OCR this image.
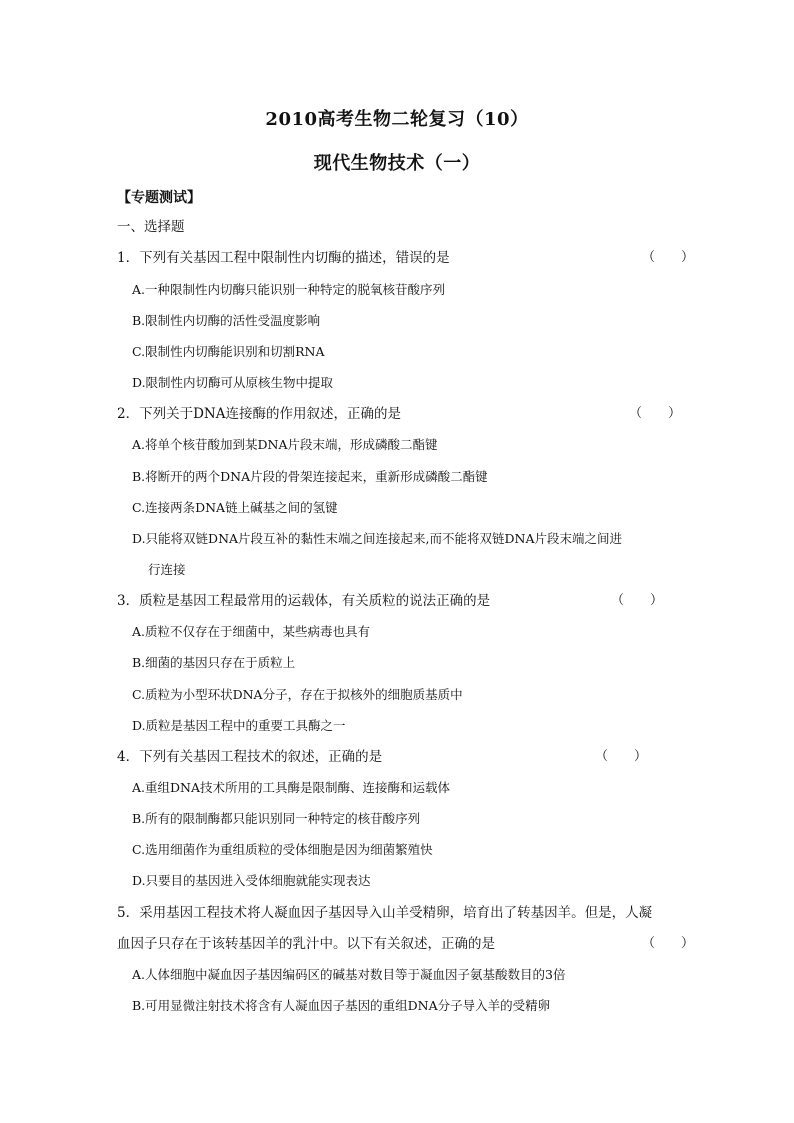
2010高考生物二轮复习（10）
现代生物技术（一）
【专题测试】
一、选择题
1．下列有关基因工程中限制性内切酶的描述，错误的是	（　　）
A.一种限制性内切酶只能识别一种特定的脱氧核苷酸序列
B.限制性内切酶的活性受温度影响
C.限制性内切酶能识别和切割RNA
D.限制性内切酶可从原核生物中提取
2．下列关于DNA连接酶的作用叙述，正确的是	（　　）
A.将单个核苷酸加到某DNA片段末端，形成磷酸二酯键
B.将断开的两个DNA片段的骨架连接起来，重新形成磷酸二酯键
C.连接两条DNA链上碱基之间的氢键
D.只能将双链DNA片段互补的黏性末端之间连接起来,而不能将双链DNA片段末端之间进
行连接
3．质粒是基因工程最常用的运载体，有关质粒的说法正确的是	（　　）
A.质粒不仅存在于细菌中，某些病毒也具有
B.细菌的基因只存在于质粒上
C.质粒为小型环状DNA分子，存在于拟核外的细胞质基质中
D.质粒是基因工程中的重要工具酶之一
4．下列有关基因工程技术的叙述，正确的是	（　　）
A.重组DNA技术所用的工具酶是限制酶、连接酶和运载体
B.所有的限制酶都只能识别同一种特定的核苷酸序列
C.选用细菌作为重组质粒的受体细胞是因为细菌繁殖快
D.只要目的基因进入受体细胞就能实现表达
5．采用基因工程技术将人凝血因子基因导入山羊受精卵，培育出了转基因羊。但是，人凝
血因子只存在于该转基因羊的乳汁中。以下有关叙述，正确的是	（　　）
A.人体细胞中凝血因子基因编码区的碱基对数目等于凝血因子氨基酸数目的3倍
B.可用显微注射技术将含有人凝血因子基因的重组DNA分子导入羊的受精卵
